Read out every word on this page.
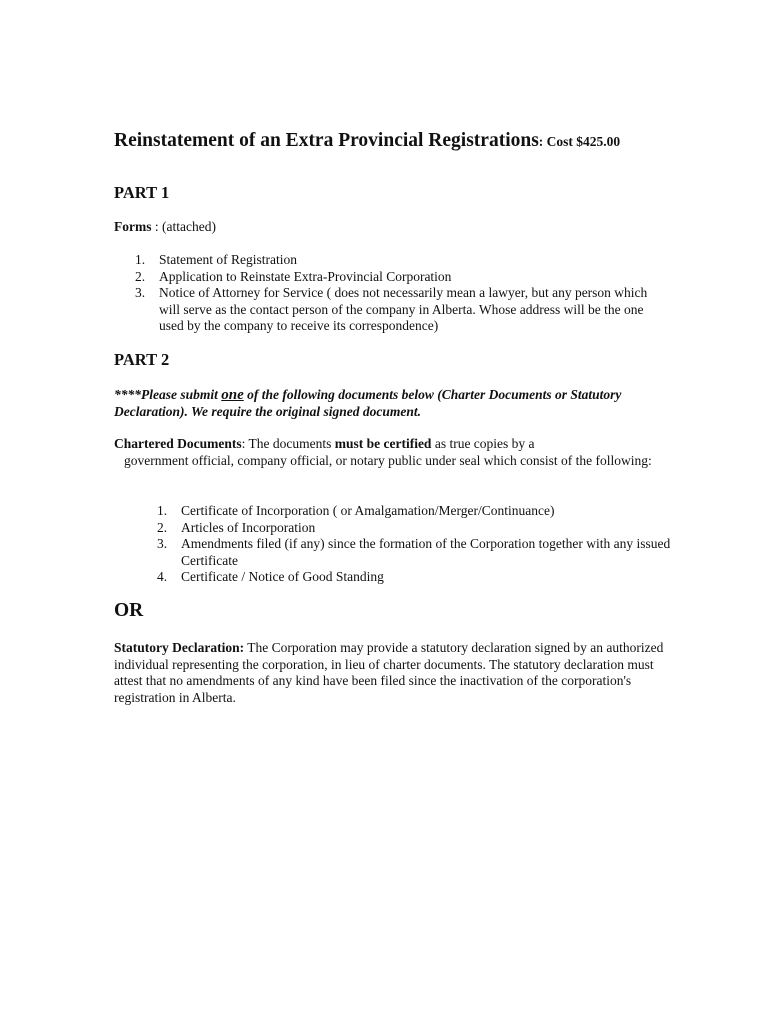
Reinstatement of an Extra Provincial Registrations: Cost $425.00
PART 1
Forms : (attached)
1.	Statement of Registration
2.	Application to Reinstate Extra-Provincial Corporation
3.	Notice of Attorney for Service ( does not necessarily mean a lawyer, but any person which will serve as the contact person of the company in Alberta. Whose address will be the one used by the company to receive its correspondence)
PART 2
****Please submit one of the following documents below (Charter Documents or Statutory Declaration). We require the original signed document.
Chartered Documents: The documents must be certified as true copies by a
government official, company official, or notary public under seal which consist of the following:
1.	Certificate of Incorporation ( or Amalgamation/Merger/Continuance)
2.	Articles of Incorporation
3.	Amendments filed (if any) since the formation of the Corporation together with any issued Certificate
4.	Certificate / Notice of Good Standing
OR
Statutory Declaration: The Corporation may provide a statutory declaration signed by an authorized individual representing the corporation, in lieu of charter documents. The statutory declaration must attest that no amendments of any kind have been filed since the inactivation of the corporation's registration in Alberta.
